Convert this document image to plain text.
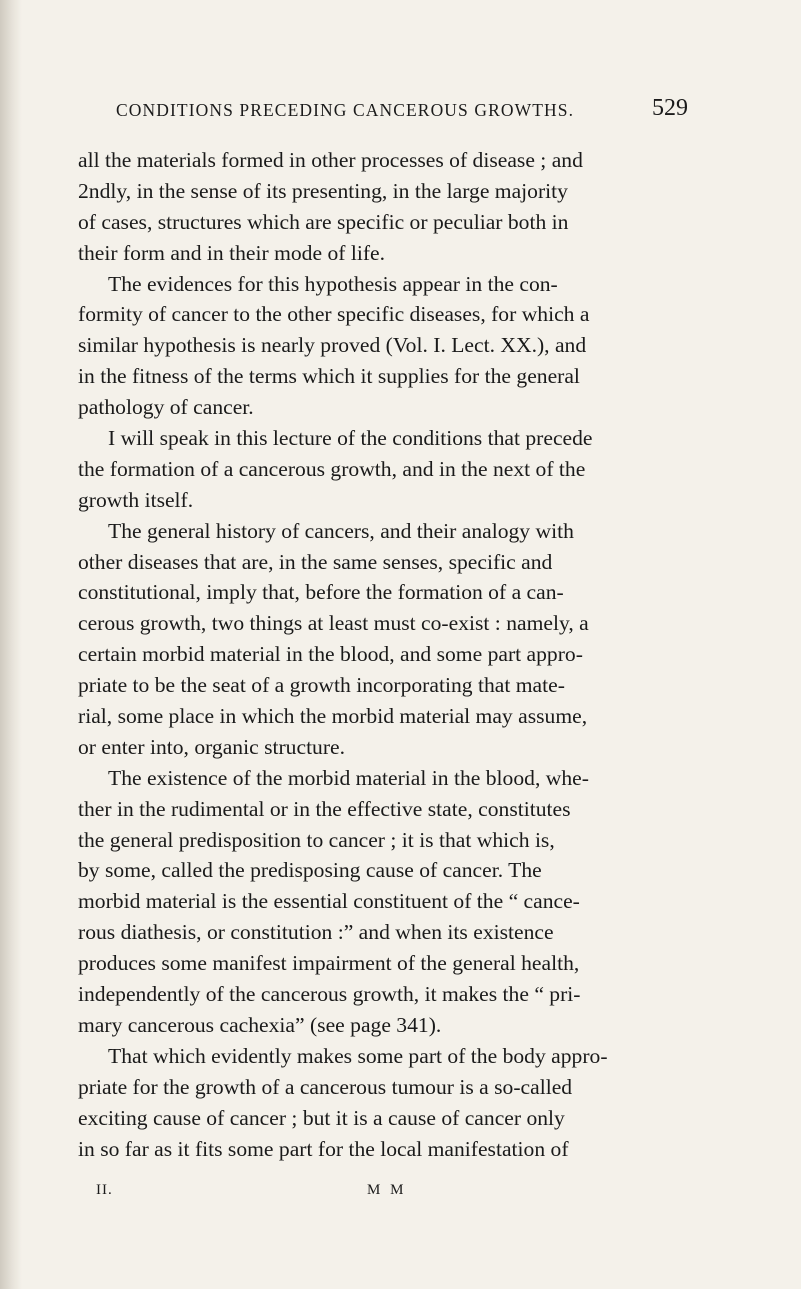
CONDITIONS PRECEDING CANCEROUS GROWTHS.	529
all the materials formed in other processes of disease ; and
2ndly, in the sense of its presenting, in the large majority
of cases, structures which are specific or peculiar both in
their form and in their mode of life.
The evidences for this hypothesis appear in the con-
formity of cancer to the other specific diseases, for which a
similar hypothesis is nearly proved (Vol. I. Lect. XX.), and
in the fitness of the terms which it supplies for the general
pathology of cancer.
I will speak in this lecture of the conditions that precede
the formation of a cancerous growth, and in the next of the
growth itself.
The general history of cancers, and their analogy with
other diseases that are, in the same senses, specific and
constitutional, imply that, before the formation of a can-
cerous growth, two things at least must co-exist : namely, a
certain morbid material in the blood, and some part appro-
priate to be the seat of a growth incorporating that mate-
rial, some place in which the morbid material may assume,
or enter into, organic structure.
The existence of the morbid material in the blood, whe-
ther in the rudimental or in the effective state, constitutes
the general predisposition to cancer ; it is that which is,
by some, called the predisposing cause of cancer. The
morbid material is the essential constituent of the “ cance-
rous diathesis, or constitution :” and when its existence
produces some manifest impairment of the general health,
independently of the cancerous growth, it makes the “ pri-
mary cancerous cachexia” (see page 341).
That which evidently makes some part of the body appro-
priate for the growth of a cancerous tumour is a so-called
exciting cause of cancer ; but it is a cause of cancer only
in so far as it fits some part for the local manifestation of
II.	M M
